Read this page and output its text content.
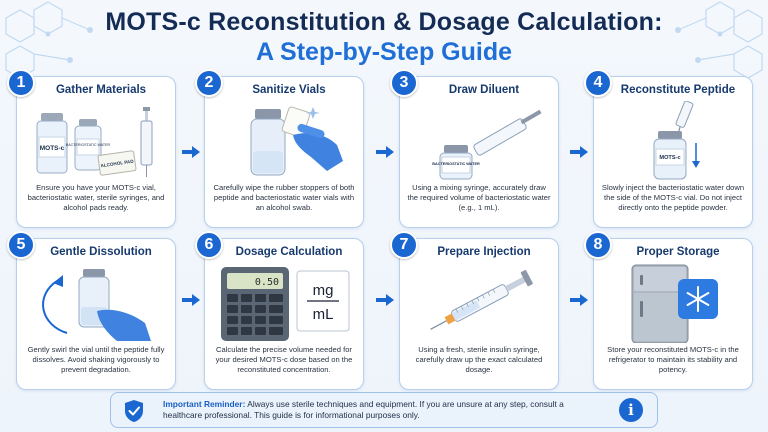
MOTS-c Reconstitution & Dosage Calculation:
A Step-by-Step Guide
1	Gather Materials
MOTS-c BACTERIOSTATIC WATER
ALCOHOL PAD
Ensure you have your MOTS-c vial, bacteriostatic water, sterile syringes, and alcohol pads ready.
2	Sanitize Vials
Carefully wipe the rubber stoppers of both peptide and bacteriostatic water vials with an alcohol swab.
3	Draw Diluent
BACTERIOSTATIC WATER
Using a mixing syringe, accurately draw the required volume of bacteriostatic water (e.g., 1 mL).
4	Reconstitute Peptide
MOTS-c
Slowly inject the bacteriostatic water down the side of the MOTS-c vial. Do not inject directly onto the peptide powder.
5	Gentle Dissolution
Gently swirl the vial until the peptide fully dissolves. Avoid shaking vigorously to prevent degradation.
6	Dosage Calculation
0.50 mg
mL
Calculate the precise volume needed for your desired MOTS-c dose based on the reconstituted concentration.
7	Prepare Injection
Using a fresh, sterile insulin syringe, carefully draw up the exact calculated dosage.
8	Proper Storage
Store your reconstituted MOTS-c in the refrigerator to maintain its stability and potency.
Important Reminder: Always use sterile techniques and equipment. If you are unsure at any step, consult a healthcare professional. This guide is for informational purposes only.	i
